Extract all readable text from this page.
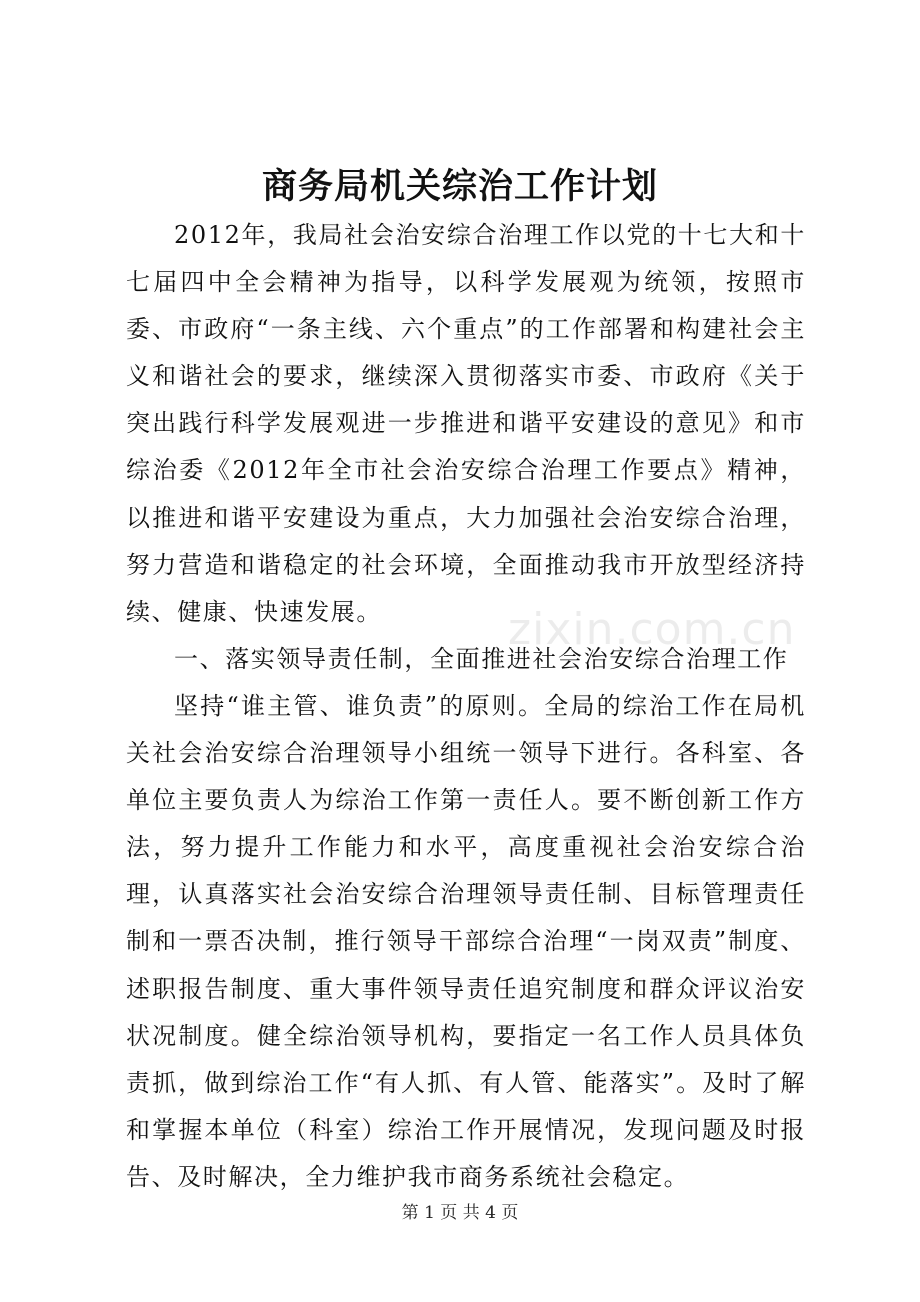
商务局机关综治工作计划

2012年，我局社会治安综合治理工作以党的十七大和十七届四中全会精神为指导，以科学发展观为统领，按照市委、市政府“一条主线、六个重点”的工作部署和构建社会主义和谐社会的要求，继续深入贯彻落实市委、市政府《关于突出践行科学发展观进一步推进和谐平安建设的意见》和市综治委《2012年全市社会治安综合治理工作要点》精神，以推进和谐平安建设为重点，大力加强社会治安综合治理，努力营造和谐稳定的社会环境，全面推动我市开放型经济持续、健康、快速发展。

一、落实领导责任制，全面推进社会治安综合治理工作

坚持“谁主管、谁负责”的原则。全局的综治工作在局机关社会治安综合治理领导小组统一领导下进行。各科室、各单位主要负责人为综治工作第一责任人。要不断创新工作方法，努力提升工作能力和水平，高度重视社会治安综合治理，认真落实社会治安综合治理领导责任制、目标管理责任制和一票否决制，推行领导干部综合治理“一岗双责”制度、述职报告制度、重大事件领导责任追究制度和群众评议治安状况制度。健全综治领导机构，要指定一名工作人员具体负责抓，做到综治工作“有人抓、有人管、能落实”。及时了解和掌握本单位（科室）综治工作开展情况，发现问题及时报告、及时解决，全力维护我市商务系统社会稳定。

zixin.com.cn
第 1 页 共 4 页
